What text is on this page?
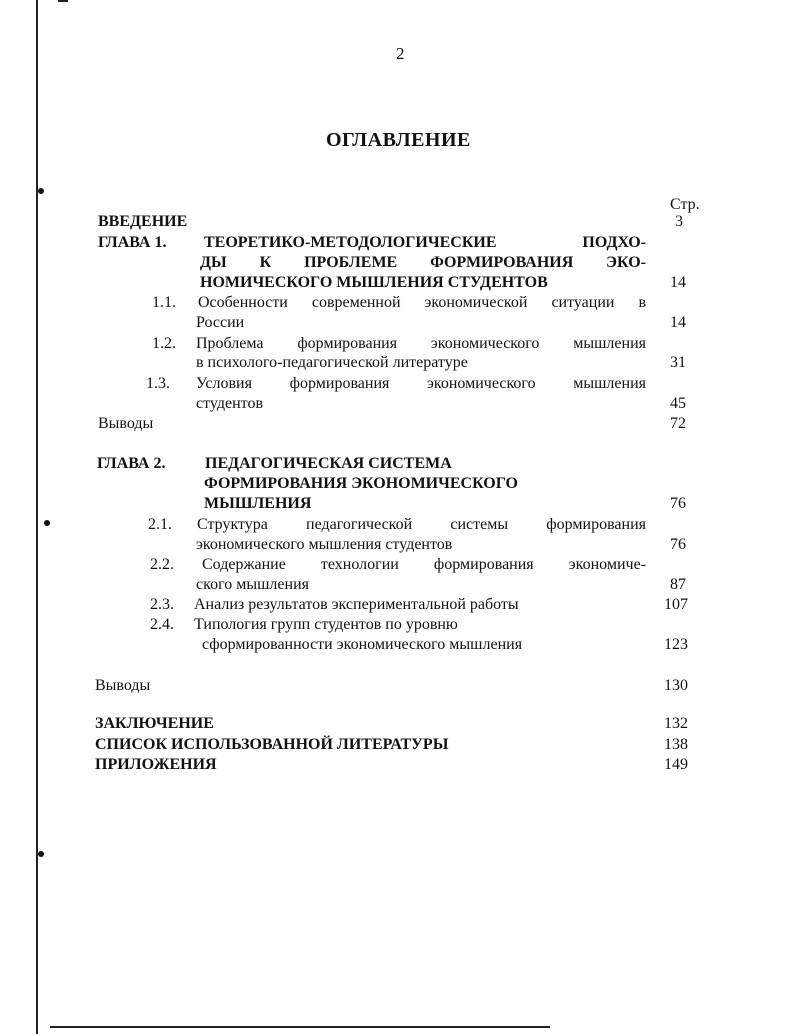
2
ОГЛАВЛЕНИЕ
Стр.
ВВЕДЕНИЕ	3
ГЛАВА 1. ТЕОРЕТИКО-МЕТОДОЛОГИЧЕСКИЕ ПОДХО-
ДЫ К ПРОБЛЕМЕ ФОРМИРОВАНИЯ ЭКО-
НОМИЧЕСКОГО МЫШЛЕНИЯ СТУДЕНТОВ	14
1.1. Особенности современной экономической ситуации в
России	14
1.2. Проблема формирования экономического мышления
в психолого-педагогической литературе	31
1.3. Условия формирования экономического мышления
студентов	45
Выводы	72
ГЛАВА 2. ПЕДАГОГИЧЕСКАЯ СИСТЕМА
ФОРМИРОВАНИЯ ЭКОНОМИЧЕСКОГО
МЫШЛЕНИЯ	76
2.1. Структура педагогической системы формирования
экономического мышления студентов	76
2.2. Содержание технологии формирования экономиче-
ского мышления	87
2.3. Анализ результатов экспериментальной работы	107
2.4. Типология групп студентов по уровню
сформированности экономического мышления	123
Выводы	130
ЗАКЛЮЧЕНИЕ	132
СПИСОК ИСПОЛЬЗОВАННОЙ ЛИТЕРАТУРЫ	138
ПРИЛОЖЕНИЯ	149
